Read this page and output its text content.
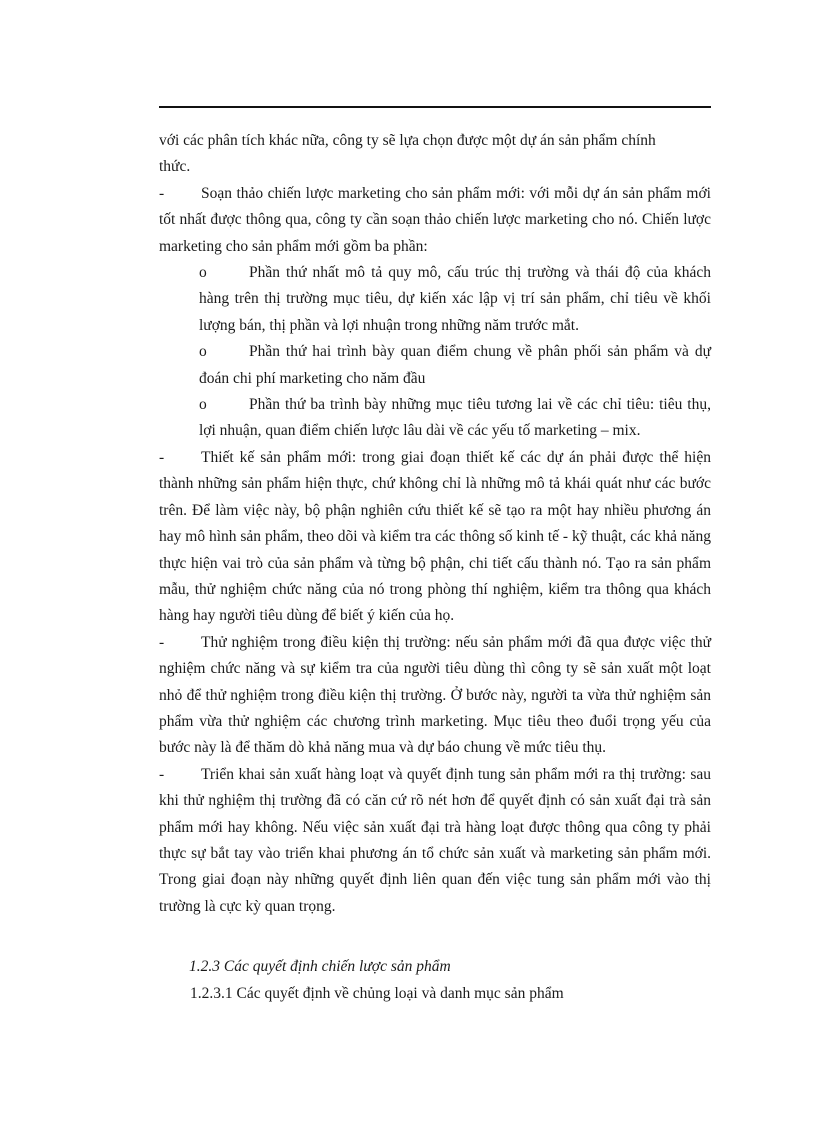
với các phân tích khác nữa, công ty sẽ lựa chọn được một dự án sản phẩm chính
thức.

- Soạn thảo chiến lược marketing cho sản phẩm mới: với mỗi dự án sản phẩm mới tốt nhất được thông qua, công ty cần soạn thảo chiến lược marketing cho nó. Chiến lược marketing cho sản phẩm mới gồm ba phần:

o	Phần thứ nhất mô tả quy mô, cấu trúc thị trường và thái độ của khách hàng trên thị trường mục tiêu, dự kiến xác lập vị trí sản phẩm, chỉ tiêu về khối lượng bán, thị phần và lợi nhuận trong những năm trước mắt.

o	Phần thứ hai trình bày quan điểm chung về phân phối sản phẩm và dự đoán chi phí marketing cho năm đầu

o	Phần thứ ba trình bày những mục tiêu tương lai về các chỉ tiêu: tiêu thụ, lợi nhuận, quan điểm chiến lược lâu dài về các yếu tố marketing – mix.

- Thiết kế sản phẩm mới: trong giai đoạn thiết kế các dự án phải được thể hiện thành những sản phẩm hiện thực, chứ không chỉ là những mô tả khái quát như các bước trên. Để làm việc này, bộ phận nghiên cứu thiết kế sẽ tạo ra một hay nhiều phương án hay mô hình sản phẩm, theo dõi và kiểm tra các thông số kinh tế - kỹ thuật, các khả năng thực hiện vai trò của sản phẩm và từng bộ phận, chi tiết cấu thành nó. Tạo ra sản phẩm mẫu, thử nghiệm chức năng của nó trong phòng thí nghiệm, kiểm tra thông qua khách hàng hay người tiêu dùng để biết ý kiến của họ.

- Thử nghiệm trong điều kiện thị trường: nếu sản phẩm mới đã qua được việc thử nghiệm chức năng và sự kiểm tra của người tiêu dùng thì công ty sẽ sản xuất một loạt nhỏ để thử nghiệm trong điều kiện thị trường. Ở bước này, người ta vừa thử nghiệm sản phẩm vừa thử nghiệm các chương trình marketing. Mục tiêu theo đuổi trọng yếu của bước này là để thăm dò khả năng mua và dự báo chung về mức tiêu thụ.

- Triển khai sản xuất hàng loạt và quyết định tung sản phẩm mới ra thị trường: sau khi thử nghiệm thị trường đã có căn cứ rõ nét hơn để quyết định có sản xuất đại trà sản phẩm mới hay không. Nếu việc sản xuất đại trà hàng loạt được thông qua công ty phải thực sự bắt tay vào triển khai phương án tổ chức sản xuất và marketing sản phẩm mới. Trong giai đoạn này những quyết định liên quan đến việc tung sản phẩm mới vào thị trường là cực kỳ quan trọng.

1.2.3 Các quyết định chiến lược sản phẩm
1.2.3.1 Các quyết định về chủng loại và danh mục sản phẩm
